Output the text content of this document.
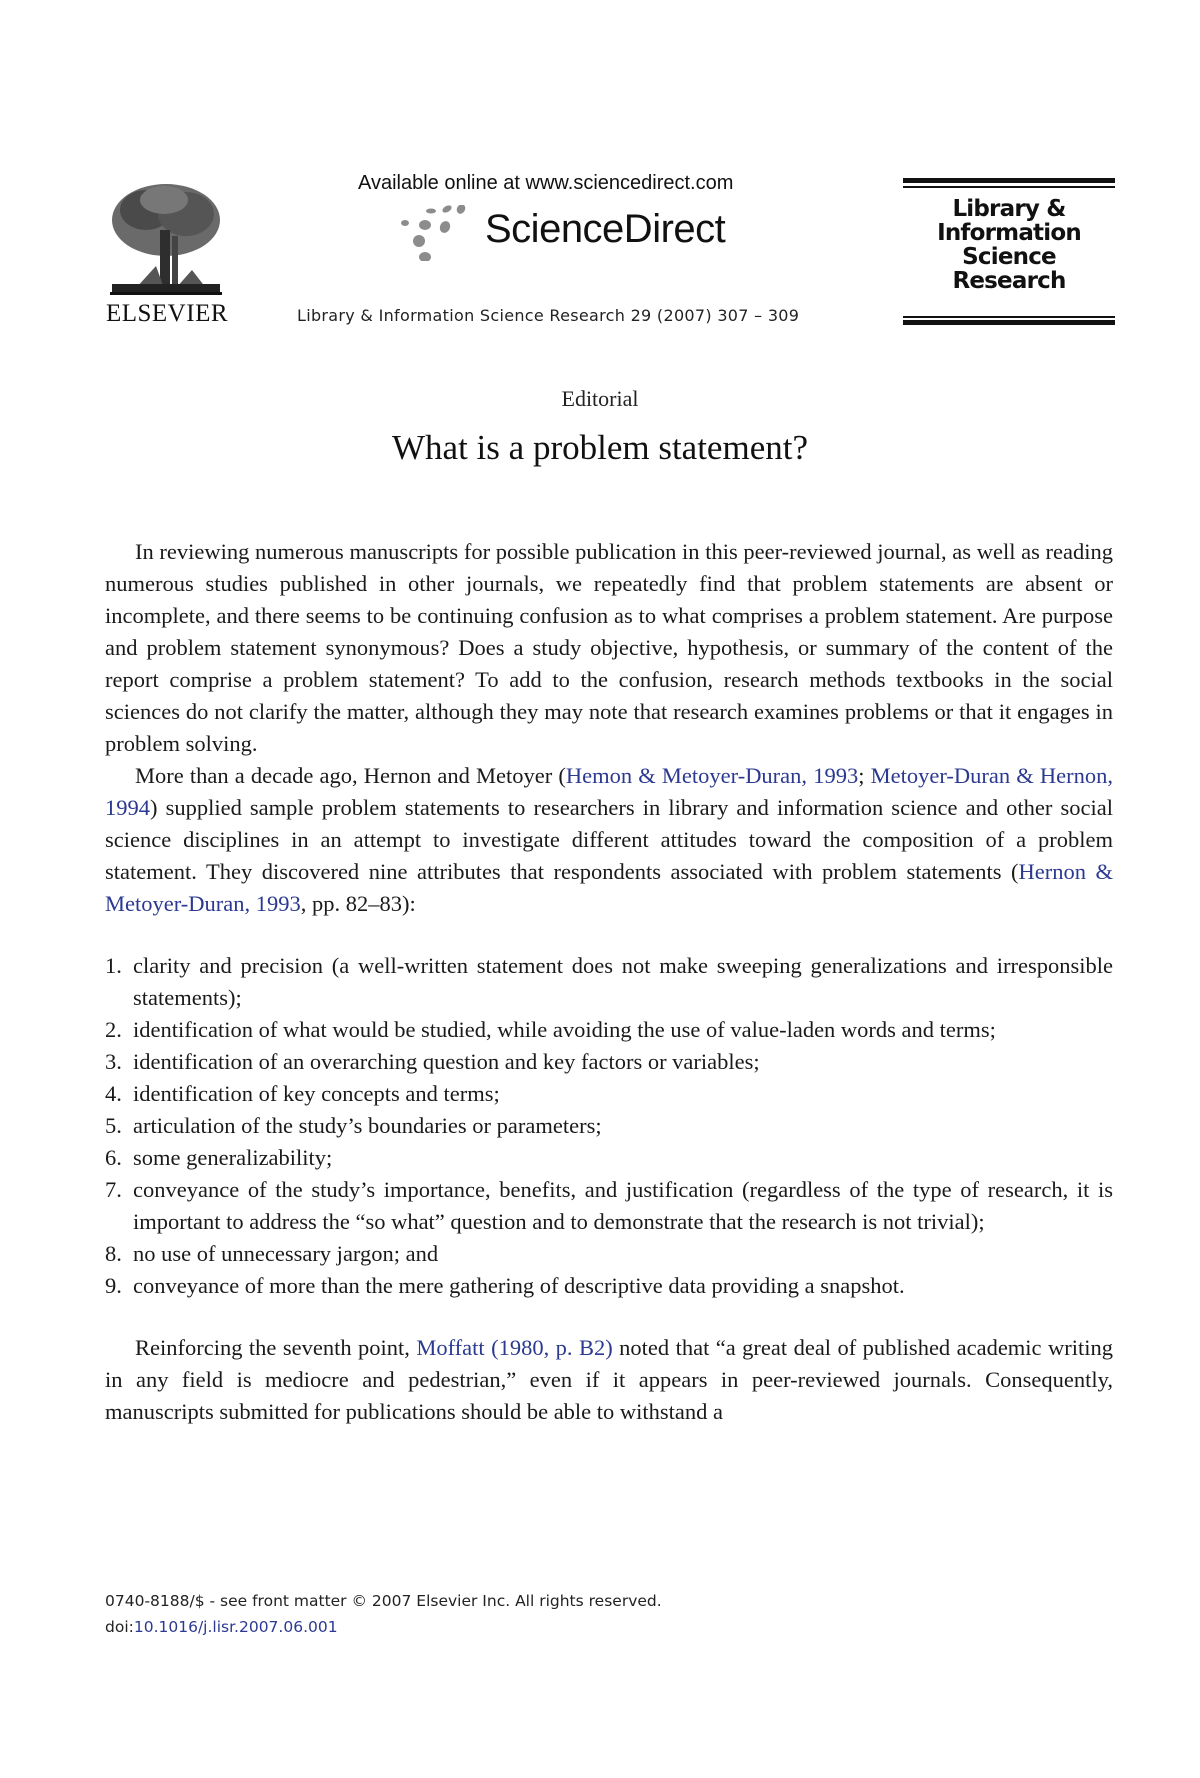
ELSEVIER
Available online at www.sciencedirect.com
ScienceDirect
Library & Information Science Research 29 (2007) 307 – 309
Library &
Information
Science
Research
Editorial
What is a problem statement?

In reviewing numerous manuscripts for possible publication in this peer-reviewed journal, as well as reading numerous studies published in other journals, we repeatedly find that problem statements are absent or incomplete, and there seems to be continuing confusion as to what comprises a problem statement. Are purpose and problem statement synonymous? Does a study objective, hypothesis, or summary of the content of the report comprise a problem statement? To add to the confusion, research methods textbooks in the social sciences do not clarify the matter, although they may note that research examines problems or that it engages in problem solving.

More than a decade ago, Hernon and Metoyer (Hemon & Metoyer-Duran, 1993; Metoyer-Duran & Hernon, 1994) supplied sample problem statements to researchers in library and information science and other social science disciplines in an attempt to investigate different attitudes toward the composition of a problem statement. They discovered nine attributes that respondents associated with problem statements (Hernon & Metoyer-Duran, 1993, pp. 82–83):

1. clarity and precision (a well-written statement does not make sweeping generalizations and irresponsible statements);
2. identification of what would be studied, while avoiding the use of value-laden words and terms;
3. identification of an overarching question and key factors or variables;
4. identification of key concepts and terms;
5. articulation of the study’s boundaries or parameters;
6. some generalizability;
7. conveyance of the study’s importance, benefits, and justification (regardless of the type of research, it is important to address the “so what” question and to demonstrate that the research is not trivial);
8. no use of unnecessary jargon; and
9. conveyance of more than the mere gathering of descriptive data providing a snapshot.

Reinforcing the seventh point, Moffatt (1980, p. B2) noted that “a great deal of published academic writing in any field is mediocre and pedestrian,” even if it appears in peer-reviewed journals. Consequently, manuscripts submitted for publications should be able to withstand a

0740-8188/$ - see front matter © 2007 Elsevier Inc. All rights reserved.
doi:10.1016/j.lisr.2007.06.001
